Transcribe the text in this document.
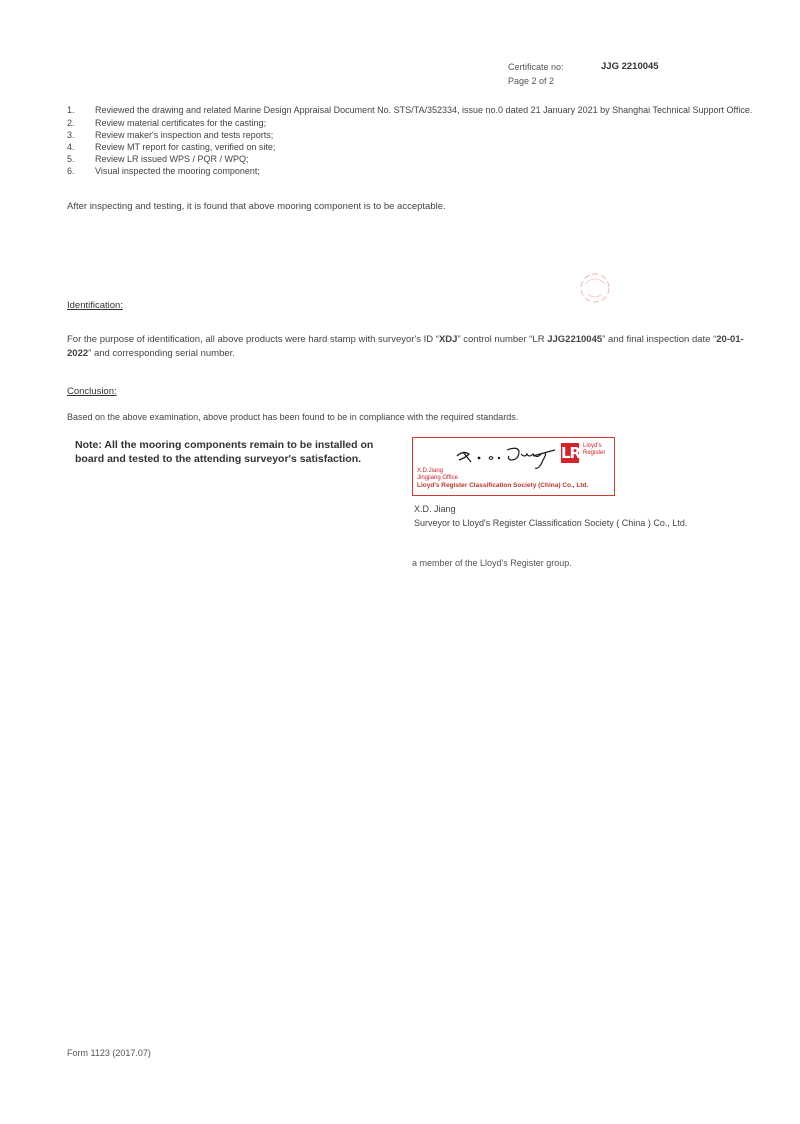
Certificate no:	JJG 2210045
Page 2 of 2
1. Reviewed the drawing and related Marine Design Appraisal Document No. STS/TA/352334, issue no.0 dated 21 January 2021 by Shanghai Technical Support Office.
2. Review material certificates for the casting;
3. Review maker's inspection and tests reports;
4. Review MT report for casting, verified on site;
5. Review LR issued WPS / PQR / WPQ;
6. Visual inspected the mooring component;
After inspecting and testing, it is found that above mooring component is to be acceptable.
Identification:
For the purpose of identification, all above products were hard stamp with surveyor's ID “XDJ” control number “LR JJG2210045” and final inspection date “20-01-2022” and corresponding serial number.
Conclusion:
Based on the above examination, above product has been found to be in compliance with the required standards.
Note: All the mooring components remain to be installed on board and tested to the attending surveyor's satisfaction.	LR Lloyd's
Register
X.D.Jiang
Jingjiang Office
Lloyd's Register Classification Society (China) Co., Ltd.
X.D. Jiang
Surveyor to Lloyd's Register Classification Society ( China ) Co., Ltd.
a member of the Lloyd's Register group.
Form 1123 (2017.07)
